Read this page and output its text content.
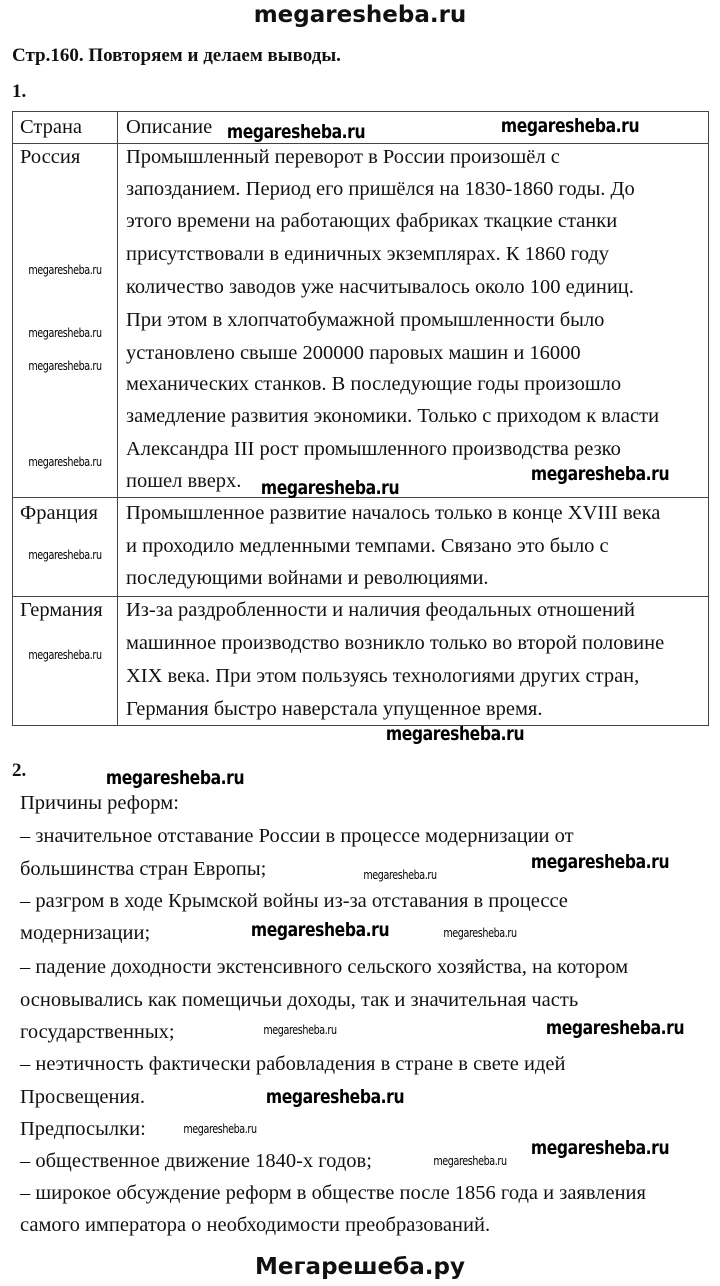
megaresheba.ru
Стр.160. Повторяем и делаем выводы.
1.
Страна Описание
2.
Россия Промышленный переворот в России произошёл с
запозданием. Период его пришёлся на 1830-1860 годы. До
этого времени на работающих фабриках ткацкие станки
присутствовали в единичных экземплярах. К 1860 году
количество заводов уже насчитывалось около 100 единиц.
При этом в хлопчатобумажной промышленности было
установлено свыше 200000 паровых машин и 16000
механических станков. В последующие годы произошло
замедление развития экономики. Только с приходом к власти
Александра III рост промышленного производства резко
пошел вверх.
Франция Промышленное развитие началось только в конце XVIII века
и проходило медленными темпами. Связано это было с
последующими войнами и революциями.
Германия Из-за раздробленности и наличия феодальных отношений
машинное производство возникло только во второй половине
XIX века. При этом пользуясь технологиями других стран,
Германия быстро наверстала упущенное время.
Причины реформ:
– значительное отставание России в процессе модернизации от
большинства стран Европы;
– разгром в ходе Крымской войны из-за отставания в процессе
модернизации;
– падение доходности экстенсивного сельского хозяйства, на котором
основывались как помещичьи доходы, так и значительная часть
государственных;
– неэтичность фактически рабовладения в стране в свете идей
Просвещения.
Предпосылки:
– общественное движение 1840-х годов;
– широкое обсуждение реформ в обществе после 1856 года и заявления
самого императора о необходимости преобразований.
megaresheba.ru	megaresheba.ru
megaresheba.ru
megaresheba.ru
megaresheba.ru
megaresheba.ru
megaresheba.ru
megaresheba.ru
megaresheba.ru
megaresheba.ru
megaresheba.ru
megaresheba.ru
megaresheba.ru
megaresheba.ru
megaresheba.ru	megaresheba.ru
megaresheba.ru
megaresheba.ru
megaresheba.ru
megaresheba.ru
megaresheba.ru
megaresheba.ru
Мегарешеба.ру
